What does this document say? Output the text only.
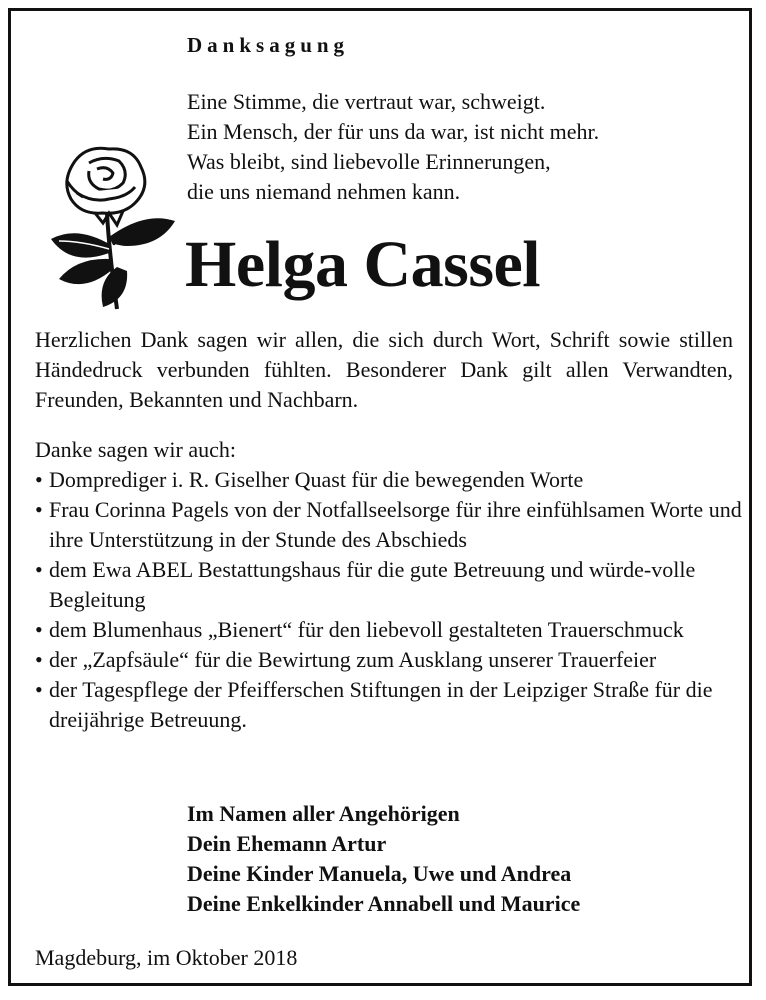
Danksagung
Eine Stimme, die vertraut war, schweigt.
Ein Mensch, der für uns da war, ist nicht mehr.
Was bleibt, sind liebevolle Erinnerungen,
die uns niemand nehmen kann.
Helga Cassel
Herzlichen Dank sagen wir allen, die sich durch Wort, Schrift sowie stillen Händedruck verbunden fühlten. Besonderer Dank gilt allen Verwandten, Freunden, Bekannten und Nachbarn.
Danke sagen wir auch:
• Domprediger i. R. Giselher Quast für die bewegenden Worte
• Frau Corinna Pagels von der Notfallseelsorge für ihre einfühlsamen Worte und ihre Unterstützung in der Stunde des Abschieds
• dem Ewa ABEL Bestattungshaus für die gute Betreuung und würde-volle Begleitung
• dem Blumenhaus „Bienert“ für den liebevoll gestalteten Trauerschmuck
• der „Zapfsäule“ für die Bewirtung zum Ausklang unserer Trauerfeier
• der Tagespflege der Pfeifferschen Stiftungen in der Leipziger Straße für die dreijährige Betreuung.
Im Namen aller Angehörigen
Dein Ehemann Artur
Deine Kinder Manuela, Uwe und Andrea
Deine Enkelkinder Annabell und Maurice
Magdeburg, im Oktober 2018
